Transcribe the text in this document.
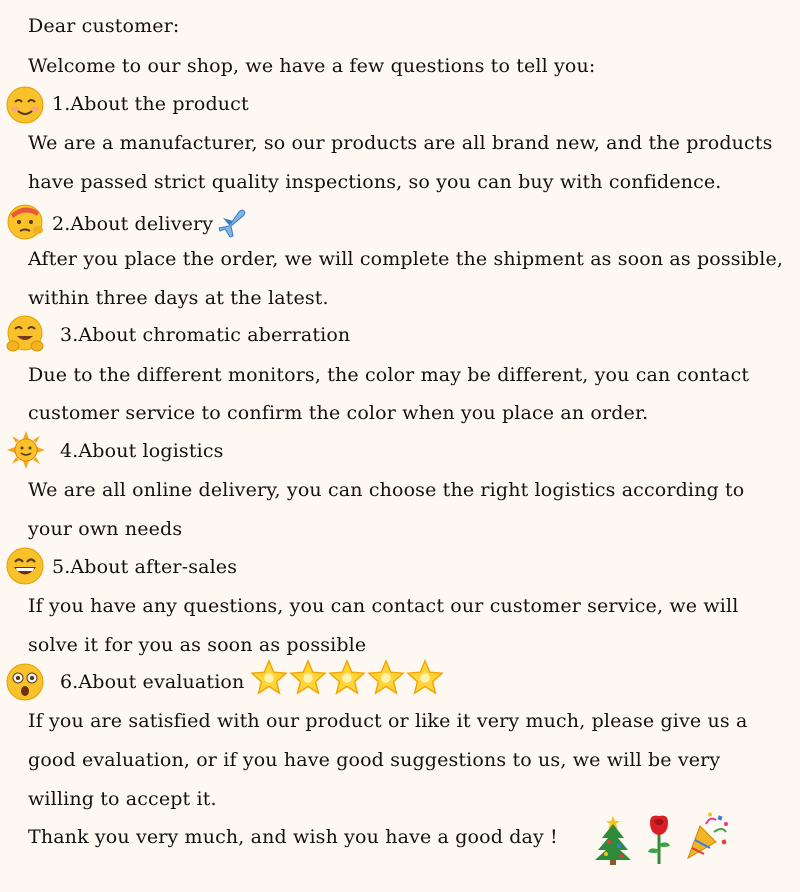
Dear customer:
Welcome to our shop, we have a few questions to tell you:
1.About the product
We are a manufacturer, so our products are all brand new, and the products
have passed strict quality inspections, so you can buy with confidence.
2.About delivery
After you place the order, we will complete the shipment as soon as possible,
within three days at the latest.
3.About chromatic aberration
Due to the different monitors, the color may be different, you can contact
customer service to confirm the color when you place an order.
4.About logistics
We are all online delivery, you can choose the right logistics according to
your own needs
5.About after-sales
If you have any questions, you can contact our customer service, we will
solve it for you as soon as possible
6.About evaluation
If you are satisfied with our product or like it very much, please give us a
good evaluation, or if you have good suggestions to us, we will be very
willing to accept it.
Thank you very much, and wish you have a good day !
